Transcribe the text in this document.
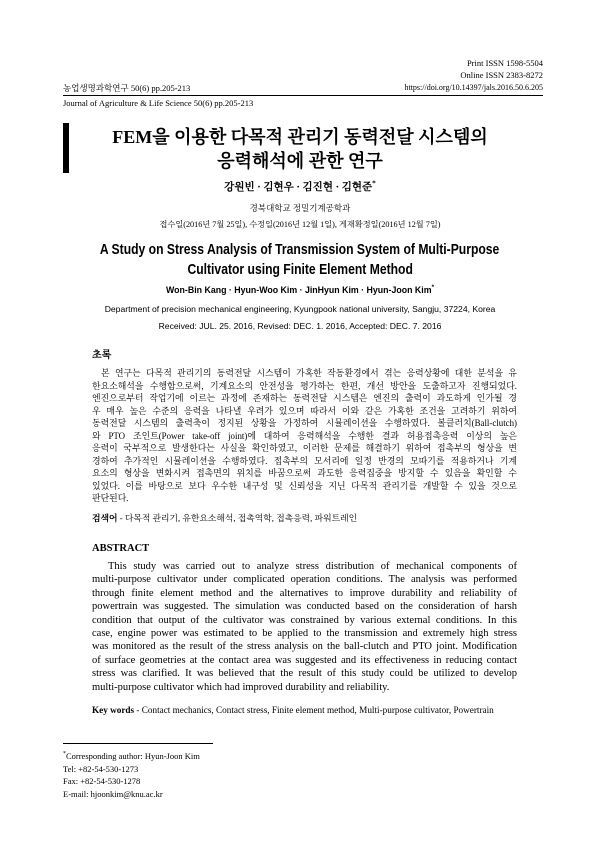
Print ISSN 1598-5504
Online ISSN 2383-8272
농업생명과학연구 50(6) pp.205-213	https://doi.org/10.14397/jals.2016.50.6.205
Journal of Agriculture & Life Science 50(6) pp.205-213
FEM을 이용한 다목적 관리기 동력전달 시스템의
응력해석에 관한 연구
강원빈 · 김현우 · 김진현 · 김현준*
경북대학교 정밀기계공학과
접수일(2016년 7월 25일), 수정일(2016년 12월 1일), 게재확정일(2016년 12월 7일)
A Study on Stress Analysis of Transmission System of Multi-Purpose
Cultivator using Finite Element Method
Won-Bin Kang · Hyun-Woo Kim · JinHyun Kim · Hyun-Joon Kim*
Department of precision mechanical engineering, Kyungpook national university, Sangju, 37224, Korea
Received: JUL. 25. 2016, Revised: DEC. 1. 2016, Accepted: DEC. 7. 2016
초록
본 연구는 다목적 관리기의 동력전달 시스템이 가혹한 작동환경에서 겪는 응력상황에 대한 분석을 유
한요소해석을 수행함으로써, 기계요소의 안전성을 평가하는 한편, 개선 방안을 도출하고자 진행되었다.
엔진으로부터 작업기에 이르는 과정에 존재하는 동력전달 시스템은 엔진의 출력이 과도하게 인가될 경
우 매우 높은 수준의 응력을 나타낼 우려가 있으며 따라서 이와 같은 가혹한 조건을 고려하기 위하여
동력전달 시스템의 출력축이 정지된 상황을 가정하여 시뮬레이션을 수행하였다. 볼클러치(Ball-clutch)
와 PTO 조인트(Power take-off joint)에 대하여 응력해석을 수행한 결과 허용접촉응력 이상의 높은
응력이 국부적으로 발생한다는 사실을 확인하였고, 이러한 문제를 해결하기 위하여 접촉부의 형상을 변
경하여 추가적인 시뮬레이션을 수행하였다. 접촉부의 모서리에 일정 반경의 모따기를 적용하거나 기계
요소의 형상을 변화시켜 접촉면의 위치를 바꿈으로써 과도한 응력집중을 방지할 수 있음을 확인할 수
있었다. 이를 바탕으로 보다 우수한 내구성 및 신뢰성을 지닌 다목적 관리기를 개발할 수 있을 것으로
판단된다.
검색어 - 다목적 관리기, 유한요소해석, 접촉역학, 접촉응력, 파워트레인
ABSTRACT
This study was carried out to analyze stress distribution of mechanical components of
multi-purpose cultivator under complicated operation conditions. The analysis was performed
through finite element method and the alternatives to improve durability and reliability of
powertrain was suggested. The simulation was conducted based on the consideration of harsh
condition that output of the cultivator was constrained by various external conditions. In this
case, engine power was estimated to be applied to the transmission and extremely high stress
was monitored as the result of the stress analysis on the ball-clutch and PTO joint. Modification
of surface geometries at the contact area was suggested and its effectiveness in reducing contact
stress was clarified. It was believed that the result of this study could be utilized to develop
multi-purpose cultivator which had improved durability and reliability.
Key words - Contact mechanics, Contact stress, Finite element method, Multi-purpose cultivator, Powertrain
*Corresponding author: Hyun-Joon Kim
Tel: +82-54-530-1273
Fax: +82-54-530-1278
E-mail: hjoonkim@knu.ac.kr
